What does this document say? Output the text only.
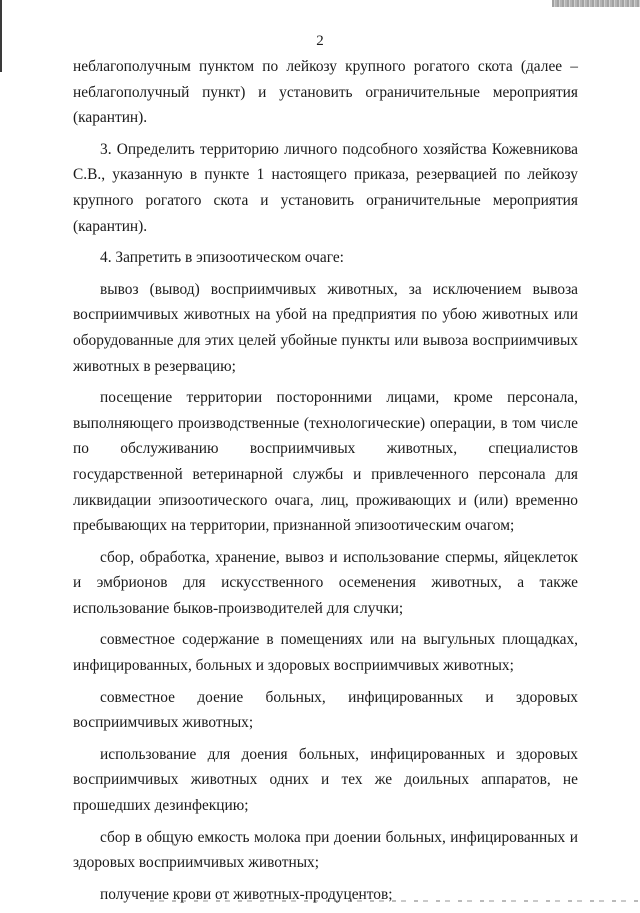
2

неблагополучным пунктом по лейкозу крупного рогатого скота (далее – неблагополучный пункт) и установить ограничительные мероприятия (карантин).

3. Определить территорию личного подсобного хозяйства Кожевникова С.В., указанную в пункте 1 настоящего приказа, резервацией по лейкозу крупного рогатого скота и установить ограничительные мероприятия (карантин).

4. Запретить в эпизоотическом очаге:

вывоз (вывод) восприимчивых животных, за исключением вывоза восприимчивых животных на убой на предприятия по убою животных или оборудованные для этих целей убойные пункты или вывоза восприимчивых животных в резервацию;

посещение территории посторонними лицами, кроме персонала, выполняющего производственные (технологические) операции, в том числе по обслуживанию восприимчивых животных, специалистов государственной ветеринарной службы и привлеченного персонала для ликвидации эпизоотического очага, лиц, проживающих и (или) временно пребывающих на территории, признанной эпизоотическим очагом;

сбор, обработка, хранение, вывоз и использование спермы, яйцеклеток и эмбрионов для искусственного осеменения животных, а также использование быков-производителей для случки;

совместное содержание в помещениях или на выгульных площадках, инфицированных, больных и здоровых восприимчивых животных;

совместное доение больных, инфицированных и здоровых восприимчивых животных;

использование для доения больных, инфицированных и здоровых восприимчивых животных одних и тех же доильных аппаратов, не прошедших дезинфекцию;

сбор в общую емкость молока при доении больных, инфицированных и здоровых восприимчивых животных;

получение крови от животных-продуцентов;
